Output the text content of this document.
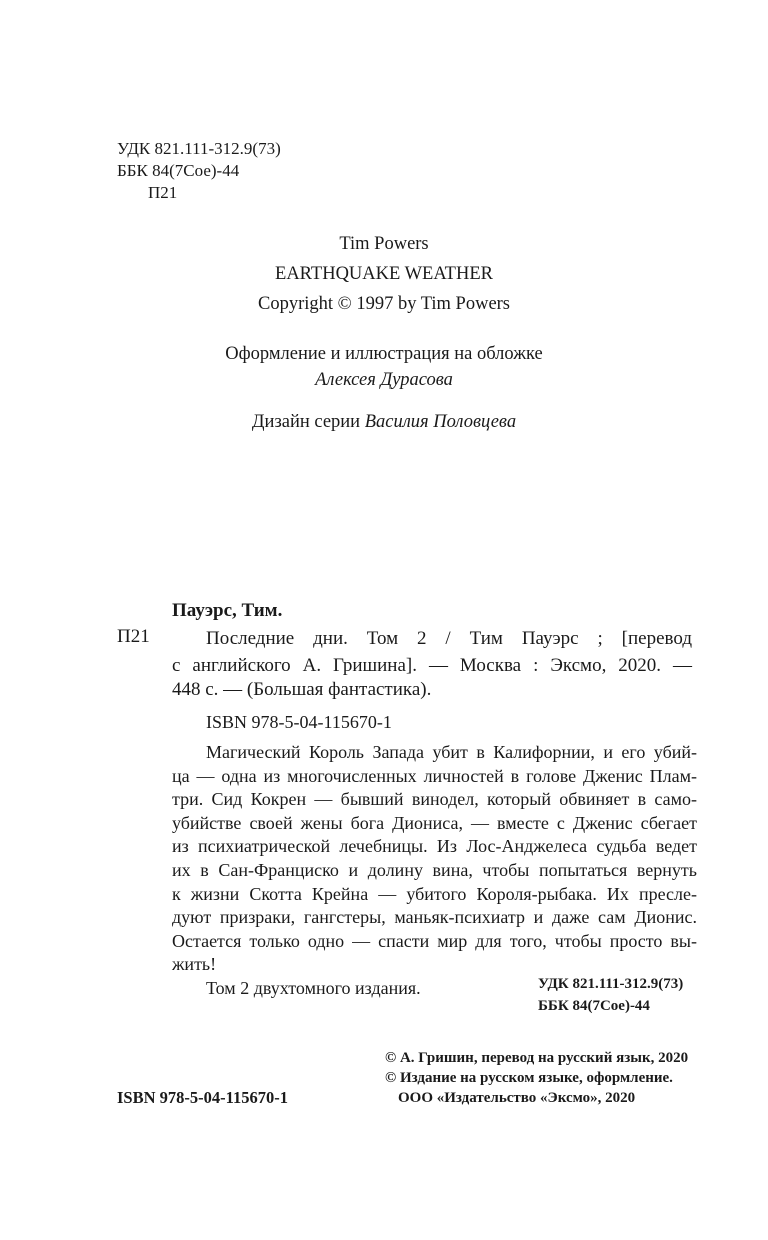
УДК 821.111-312.9(73)
ББК 84(7Сое)-44
П21
Tim Powers
EARTHQUAKE WEATHER
Copyright © 1997 by Tim Powers
Оформление и иллюстрация на обложке
Алексея Дурасова
Дизайн серии Василия Половцева
Пауэрс, Тим.
П21	Последние дни. Том 2 / Тим Пауэрс ; [перевод
с английского А. Гришина]. — Москва : Эксмо, 2020. —
448 с. — (Большая фантастика).
ISBN 978-5-04-115670-1
Магический Король Запада убит в Калифорнии, и его убий-
ца — одна из многочисленных личностей в голове Дженис Плам-
три. Сид Кокрен — бывший винодел, который обвиняет в само-
убийстве своей жены бога Диониса, — вместе с Дженис сбегает
из психиатрической лечебницы. Из Лос-Анджелеса судьба ведет
их в Сан-Франциско и долину вина, чтобы попытаться вернуть
к жизни Скотта Крейна — убитого Короля-рыбака. Их пресле-
дуют призраки, гангстеры, маньяк-психиатр и даже сам Дионис.
Остается только одно — спасти мир для того, чтобы просто вы-
жить!
Том 2 двухтомного издания.	УДК 821.111-312.9(73)
ББК 84(7Сое)-44
© А. Гришин, перевод на русский язык, 2020
© Издание на русском языке, оформление.
ООО «Издательство «Эксмо», 2020
ISBN 978-5-04-115670-1
